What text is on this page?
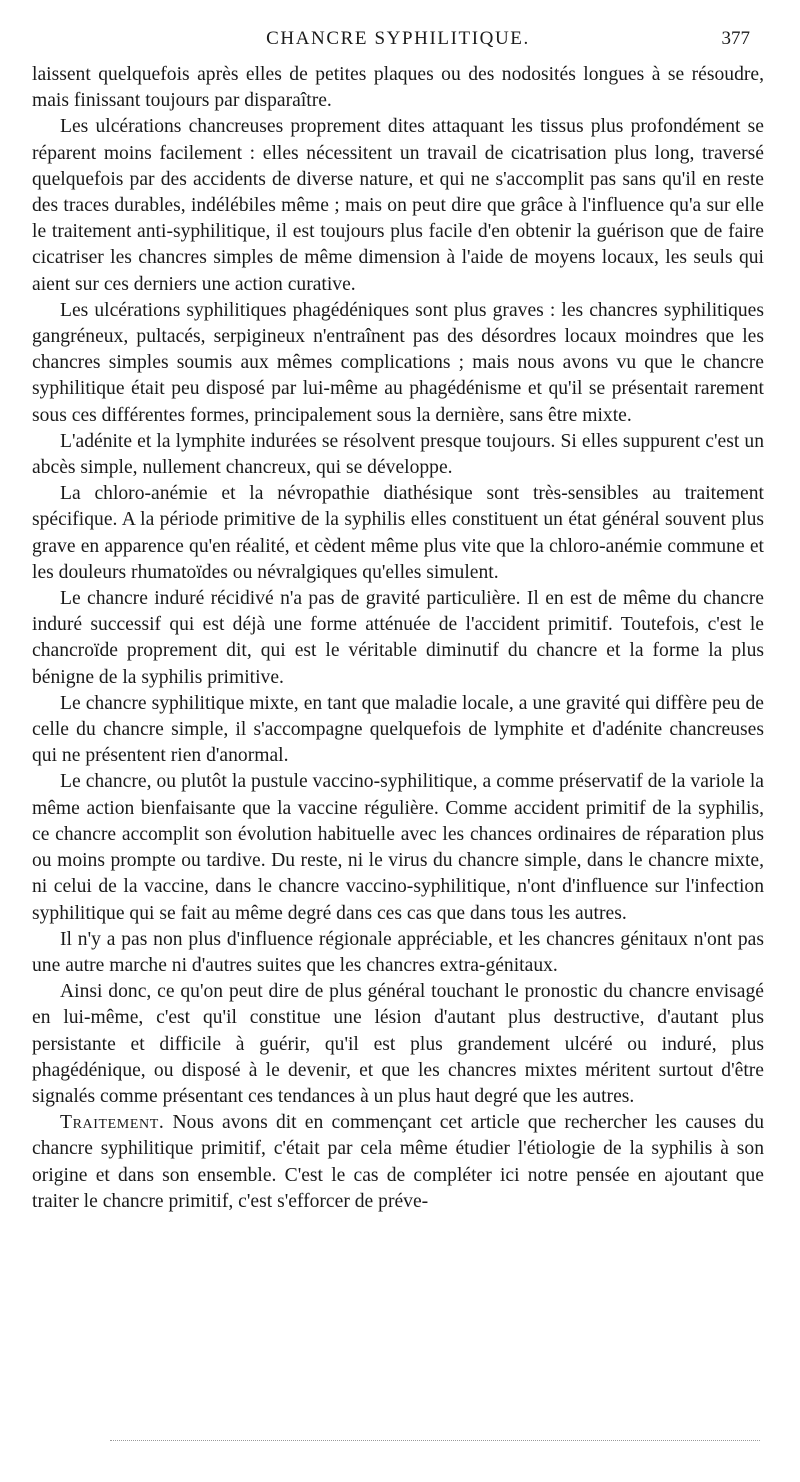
CHANCRE SYPHILITIQUE.	377

laissent quelquefois après elles de petites plaques ou des nodosités longues à se résoudre, mais finissant toujours par disparaître.

Les ulcérations chancreuses proprement dites attaquant les tissus plus profondément se réparent moins facilement : elles nécessitent un travail de cicatrisation plus long, traversé quelquefois par des accidents de diverse nature, et qui ne s'accomplit pas sans qu'il en reste des traces durables, indélébiles même ; mais on peut dire que grâce à l'influence qu'a sur elle le traitement anti-syphilitique, il est toujours plus facile d'en obtenir la guérison que de faire cicatriser les chancres simples de même dimension à l'aide de moyens locaux, les seuls qui aient sur ces derniers une action curative.

Les ulcérations syphilitiques phagédéniques sont plus graves : les chancres syphilitiques gangréneux, pultacés, serpigineux n'entraînent pas des désordres locaux moindres que les chancres simples soumis aux mêmes complications ; mais nous avons vu que le chancre syphilitique était peu disposé par lui-même au phagédénisme et qu'il se présentait rarement sous ces différentes formes, principalement sous la dernière, sans être mixte.

L'adénite et la lymphite indurées se résolvent presque toujours. Si elles suppurent c'est un abcès simple, nullement chancreux, qui se développe.

La chloro-anémie et la névropathie diathésique sont très-sensibles au traitement spécifique. A la période primitive de la syphilis elles constituent un état général souvent plus grave en apparence qu'en réalité, et cèdent même plus vite que la chloro-anémie commune et les douleurs rhumatoïdes ou névralgiques qu'elles simulent.

Le chancre induré récidivé n'a pas de gravité particulière. Il en est de même du chancre induré successif qui est déjà une forme atténuée de l'accident primitif. Toutefois, c'est le chancroïde proprement dit, qui est le véritable diminutif du chancre et la forme la plus bénigne de la syphilis primitive.

Le chancre syphilitique mixte, en tant que maladie locale, a une gravité qui diffère peu de celle du chancre simple, il s'accompagne quelquefois de lymphite et d'adénite chancreuses qui ne présentent rien d'anormal.

Le chancre, ou plutôt la pustule vaccino-syphilitique, a comme préservatif de la variole la même action bienfaisante que la vaccine régulière. Comme accident primitif de la syphilis, ce chancre accomplit son évolution habituelle avec les chances ordinaires de réparation plus ou moins prompte ou tardive. Du reste, ni le virus du chancre simple, dans le chancre mixte, ni celui de la vaccine, dans le chancre vaccino-syphilitique, n'ont d'influence sur l'infection syphilitique qui se fait au même degré dans ces cas que dans tous les autres.

Il n'y a pas non plus d'influence régionale appréciable, et les chancres génitaux n'ont pas une autre marche ni d'autres suites que les chancres extra-génitaux.

Ainsi donc, ce qu'on peut dire de plus général touchant le pronostic du chancre envisagé en lui-même, c'est qu'il constitue une lésion d'autant plus destructive, d'autant plus persistante et difficile à guérir, qu'il est plus grandement ulcéré ou induré, plus phagédénique, ou disposé à le devenir, et que les chancres mixtes méritent surtout d'être signalés comme présentant ces tendances à un plus haut degré que les autres.

Traitement. Nous avons dit en commençant cet article que rechercher les causes du chancre syphilitique primitif, c'était par cela même étudier l'étiologie de la syphilis à son origine et dans son ensemble. C'est le cas de compléter ici notre pensée en ajoutant que traiter le chancre primitif, c'est s'efforcer de préve-
